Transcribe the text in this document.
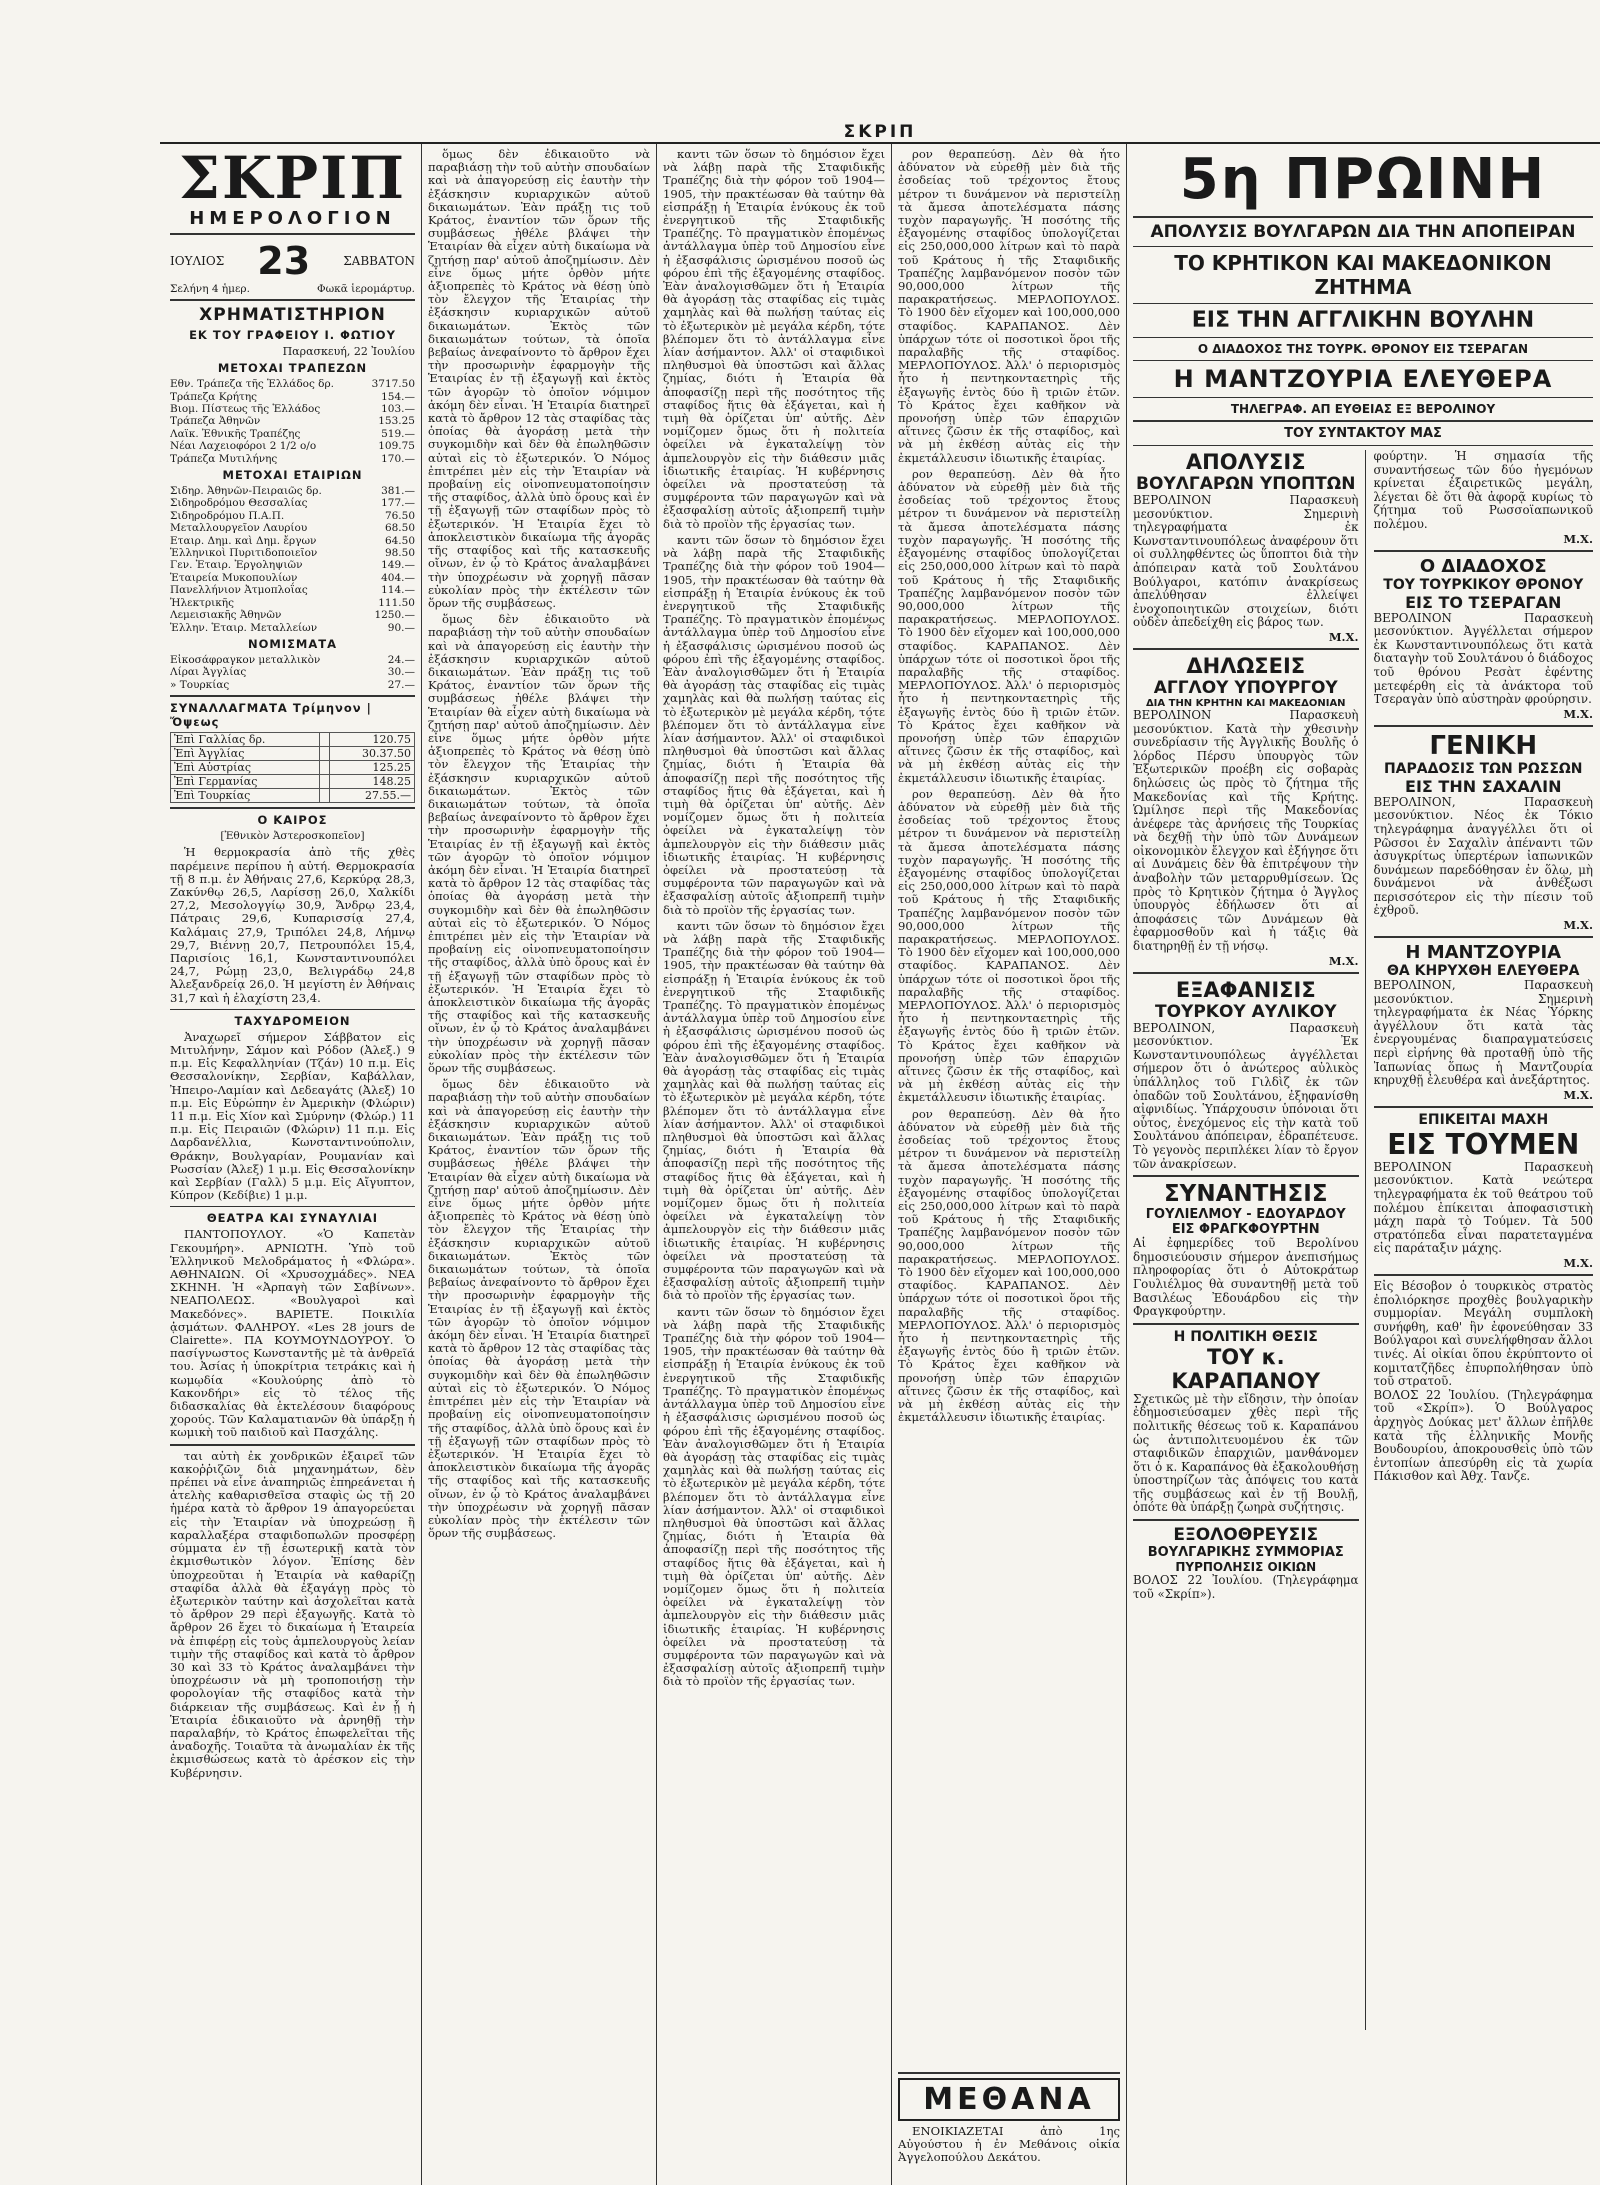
ΣΚΡΙΠ
ΣΚΡΙΠ
ΗΜΕΡΟΛΟΓΙΟΝ
ΙΟΥΛΙΟΣ 23	ΣΑΒΒΑΤΟΝ
Σελήνη 4 ἡμερ.	Φωκᾶ ἱερομάρτυρ.
ΧΡΗΜΑΤΙΣΤΗΡΙΟΝ
ΕΚ ΤΟΥ ΓΡΑΦΕΙΟΥ Ι. ΦΩΤΙΟΥ
Παρασκευή, 22 Ἰουλίου
ΜΕΤΟΧΑΙ ΤΡΑΠΕΖΩΝ
Εθν. Τράπεζα τῆς Ἑλλάδος δρ.	3717.50
Τράπεζα Κρήτης	154.—
Βιομ. Πίστεως τῆς Ἑλλάδος	103.—
Τράπεζα Ἀθηνῶν	153.25
Λαϊκ. Ἐθνικῆς Τραπέζης	519.—
Νέαι Λαχειοφόροι 2 1/2 ο/ο	109.75
Τράπεζα Μυτιλήνης	170.—
ΜΕΤΟΧΑΙ ΕΤΑΙΡΙΩΝ
Σιδηρ. Ἀθηνῶν-Πειραιῶς δρ.	381.—
Σιδηροδρόμου Θεσσαλίας	177.—
Σιδηροδρόμου Π.Α.Π.	76.50
Μεταλλουργεῖον Λαυρίου	68.50
Εταιρ. Δημ. καὶ Δημ. ἔργων	64.50
Ἑλληνικοὶ Πυριτιδοποιεῖον	98.50
Γεν. Ἑταιρ. Ἐργοληψιῶν	149.—
Ἑταιρεία Μυκοπουλίων	404.—
Πανελλήνιον Ἀτμοπλοΐας	114.—
Ἠλεκτρικῆς	111.50
Λεμεισιακῆς Ἀθηνῶν	1250.—
Ἑλλην. Ἑταιρ. Μεταλλείων	90.—
ΝΟΜΙΣΜΑΤΑ
Εἰκοσάφραγκον μεταλλικὸν	24.—
Λίραι Ἀγγλίας	30.—
» Τουρκίας	27.—
ΣΥΝΑΛΛΑΓΜΑΤΑ Τρίμηνον | Ὄψεως
Ἐπὶ Γαλλίας δρ.		120.75
Ἐπὶ Ἀγγλίας		30.37.50
Ἐπὶ Αὐστρίας		125.25
Ἐπὶ Γερμανίας		148.25
Ἐπὶ Τουρκίας		27.55.—
Ο ΚΑΙΡΟΣ
[Ἐθνικὸν Ἀστεροσκοπεῖον]
Ἡ θερμοκρασία ἀπὸ τῆς χθὲς παρέμεινε περίπου ἡ αὐτή. Θερμοκρασία τῇ 8 π.μ. ἐν Ἀθήναις 27,6, Κερκύρᾳ 28,3, Ζακύνθῳ 26,5, Λαρίσσῃ 26,0, Χαλκίδι 27,2, Μεσολογγίῳ 30,9, Ἄνδρῳ 23,4, Πάτραις 29,6, Κυπαρισσίᾳ 27,4, Καλάμαις 27,9, Τριπόλει 24,8, Λήμνῳ 29,7, Βιέννῃ 20,7, Πετρουπόλει 15,4, Παρισίοις 16,1, Κωνσταντινουπόλει 24,7, Ρώμῃ 23,0, Βελιγράδῳ 24,8 Ἀλεξανδρείᾳ 26,0. Ἡ μεγίστη ἐν Ἀθήναις 31,7 καὶ ἡ ἐλαχίστη 23,4.
ΤΑΧΥΔΡΟΜΕΙΟΝ
Ἀναχωρεῖ σήμερον Σάββατον εἰς Μιτυλήνην, Σάμον καὶ Ρόδον (Ἀλεξ.) 9 π.μ. Εἰς Κεφαλληνίαν (Τζάν) 10 π.μ. Εἰς Θεσσαλονίκην, Σερβίαν, Καβάλλαν, Ἠπειρο-Λαμίαν καὶ Δεδεαγάτς (Ἀλεξ) 10 π.μ. Εἰς Εὐρώπην ἐν Ἀμερικὴν (Φλώριν) 11 π.μ. Εἰς Χίον καὶ Σμύρνην (Φλώρ.) 11 π.μ. Εἰς Πειραιῶν (Φλώριν) 11 π.μ. Εἰς Δαρδανέλλια, Κωνσταντινούπολιν, Θράκην, Βουλγαρίαν, Ρουμανίαν καὶ Ρωσσίαν (Ἀλεξ) 1 μ.μ. Εἰς Θεσσαλονίκην καὶ Σερβίαν (Γαλλ) 5 μ.μ. Εἰς Αἴγυπτον, Κύπρον (Κεδίβιε) 1 μ.μ.
ΘΕΑΤΡΑ ΚΑΙ ΣΥΝΑΥΛΙΑΙ
ΠΑΝΤΟΠΟΥΛΟΥ. «Ὁ Καπετὰν Γεκουμήρη». ΑΡΝΙΩΤΗ. Ὑπὸ τοῦ Ἑλληνικοῦ Μελοδράματος ἡ «Φλώρα». ΑΘΗΝΑΙΩΝ. Οἱ «Χρυσοχμάδες». ΝΕΑ ΣΚΗΝΗ. Ἡ «Ἀρπαγὴ τῶν Σαβίνων». ΝΕΑΠΟΛΕΩΣ. «Βουλγαροὶ καὶ Μακεδόνες». ΒΑΡΙΕΤΕ. Ποικιλία ᾀσμάτων. ΦΑΛΗΡΟΥ. «Les 28 jours de Clairette». ΠΑ ΚΟΥΜΟΥΝΔΟΥΡΟΥ. Ὁ πασίγνωστος Κωνσταντῆς μὲ τὰ ἀνθρεῖά του. Ἀσίας ἡ ὑποκρίτρια τετράκις καὶ ἡ κωμῳδία «Κουλούρης ἀπὸ τὸ Κακονδήρι» εἰς τὸ τέλος τῆς διδασκαλίας θὰ ἐκτελέσουν διαφόρους χορούς. Τῶν Καλαματιανῶν θὰ ὑπάρξῃ ἡ κωμικὴ τοῦ παιδιοῦ καὶ Πασχάλης.
ται αὐτὴ ἐκ χονδρικῶν ἐξαιρεῖ τῶν κακοῤῥιζῶν διὰ μηχανημάτων, δὲν πρέπει νὰ εἶνε ἀναπηριῶς ἐπηρεάνεται ἡ ἀτελὴς καθαρισθεῖσα σταφὶς ὡς τῇ 20 ἡμέρα κατὰ τὸ ἄρθρον 19 ἀπαγορεύεται εἰς τὴν Ἑταιρίαν νὰ ὑποχρεώσῃ ἢ καραλλαξέρα σταφιδοπωλῶν προσφέρῃ σύμματα ἐν τῇ ἐσωτερικῇ κατὰ τὸν ἐκμισθωτικὸν λόγον. Ἐπίσης δὲν ὑποχρεοῦται ἡ Ἑταιρία νὰ καθαρίζῃ σταφίδα ἀλλὰ θὰ ἐξαγάγῃ πρὸς τὸ ἐξωτερικὸν ταύτην καὶ ἀσχολεῖται κατὰ τὸ ἄρθρον 29 περὶ ἐξαγωγῆς. Κατὰ τὸ ἄρθρον 26 ἔχει τὸ δικαίωμα ἡ Ἑταιρεία νὰ ἐπιφέρῃ εἰς τοὺς ἀμπελουργοὺς λείαν τιμὴν τῆς σταφίδος καὶ κατὰ τὸ ἄρθρον 30 καὶ 33 τὸ Κράτος ἀναλαμβάνει τὴν ὑποχρέωσιν νὰ μὴ τροποποιήσῃ τὴν φορολογίαν τῆς σταφίδος κατὰ τὴν διάρκειαν τῆς συμβάσεως. Καὶ ἐν ᾗ ἡ Ἑταιρία ἐδικαιοῦτο νὰ ἀρνηθῇ τὴν παραλαβήν, τὸ Κράτος ἐπωφελεῖται τῆς ἀναδοχῆς. Τοιαῦτα τὰ ἀνωμαλίαν ἐκ τῆς ἐκμισθώσεως κατὰ τὸ ἀρέσκον εἰς τὴν Κυβέρνησιν.
ὅμως δὲν ἐδικαιοῦτο νὰ παραβιάσῃ τὴν τοῦ αὐτὴν σπουδαίων καὶ νὰ ἀπαγορεύσῃ εἰς ἑαυτὴν τὴν ἐξάσκησιν κυριαρχικῶν αὐτοῦ δικαιωμάτων. Ἐὰν πράξῃ τις τοῦ Κράτος, ἐναντίον τῶν ὅρων τῆς συμβάσεως ἠθέλε βλάψει τὴν Ἑταιρίαν θὰ εἶχεν αὐτὴ δικαίωμα νὰ ζητήσῃ παρ' αὐτοῦ ἀποζημίωσιν. Δὲν εἶνε ὅμως μήτε ὀρθὸν μήτε ἀξιοπρεπὲς τὸ Κράτος νὰ θέσῃ ὑπὸ τὸν ἔλεγχον τῆς Ἑταιρίας τὴν ἐξάσκησιν κυριαρχικῶν αὐτοῦ δικαιωμάτων. Ἐκτὸς τῶν δικαιωμάτων τούτων, τὰ ὁποῖα βεβαίως ἀνεφαίνοντο τὸ ἄρθρον ἔχει τὴν προσωρινὴν ἐφαρμογὴν τῆς Ἑταιρίας ἐν τῇ ἐξαγωγῇ καὶ ἐκτὸς τῶν ἀγορῶν τὸ ὁποῖον νόμιμον ἀκόμη δὲν εἶναι. Ἡ Ἑταιρία διατηρεῖ κατὰ τὸ ἄρθρον 12 τὰς σταφίδας τὰς ὁποίας θὰ ἀγοράσῃ μετὰ τὴν συγκομιδὴν καὶ δὲν θὰ ἐπωληθῶσιν αὐταὶ εἰς τὸ ἐξωτερικόν. Ὁ Νόμος ἐπιτρέπει μὲν εἰς τὴν Ἑταιρίαν νὰ προβαίνῃ εἰς οἰνοπνευματοποίησιν τῆς σταφίδος, ἀλλὰ ὑπὸ ὅρους καὶ ἐν τῇ ἐξαγωγῇ τῶν σταφίδων πρὸς τὸ ἐξωτερικόν. Ἡ Ἑταιρία ἔχει τὸ ἀποκλειστικὸν δικαίωμα τῆς ἀγορᾶς τῆς σταφίδος καὶ τῆς κατασκευῆς οἴνων, ἐν ᾧ τὸ Κράτος ἀναλαμβάνει τὴν ὑποχρέωσιν νὰ χορηγῇ πᾶσαν εὐκολίαν πρὸς τὴν ἐκτέλεσιν τῶν ὅρων τῆς συμβάσεως.
ὅμως δὲν ἐδικαιοῦτο νὰ παραβιάσῃ τὴν τοῦ αὐτὴν σπουδαίων καὶ νὰ ἀπαγορεύσῃ εἰς ἑαυτὴν τὴν ἐξάσκησιν κυριαρχικῶν αὐτοῦ δικαιωμάτων. Ἐὰν πράξῃ τις τοῦ Κράτος, ἐναντίον τῶν ὅρων τῆς συμβάσεως ἠθέλε βλάψει τὴν Ἑταιρίαν θὰ εἶχεν αὐτὴ δικαίωμα νὰ ζητήσῃ παρ' αὐτοῦ ἀποζημίωσιν. Δὲν εἶνε ὅμως μήτε ὀρθὸν μήτε ἀξιοπρεπὲς τὸ Κράτος νὰ θέσῃ ὑπὸ τὸν ἔλεγχον τῆς Ἑταιρίας τὴν ἐξάσκησιν κυριαρχικῶν αὐτοῦ δικαιωμάτων. Ἐκτὸς τῶν δικαιωμάτων τούτων, τὰ ὁποῖα βεβαίως ἀνεφαίνοντο τὸ ἄρθρον ἔχει τὴν προσωρινὴν ἐφαρμογὴν τῆς Ἑταιρίας ἐν τῇ ἐξαγωγῇ καὶ ἐκτὸς τῶν ἀγορῶν τὸ ὁποῖον νόμιμον ἀκόμη δὲν εἶναι. Ἡ Ἑταιρία διατηρεῖ κατὰ τὸ ἄρθρον 12 τὰς σταφίδας τὰς ὁποίας θὰ ἀγοράσῃ μετὰ τὴν συγκομιδὴν καὶ δὲν θὰ ἐπωληθῶσιν αὐταὶ εἰς τὸ ἐξωτερικόν. Ὁ Νόμος ἐπιτρέπει μὲν εἰς τὴν Ἑταιρίαν νὰ προβαίνῃ εἰς οἰνοπνευματοποίησιν τῆς σταφίδος, ἀλλὰ ὑπὸ ὅρους καὶ ἐν τῇ ἐξαγωγῇ τῶν σταφίδων πρὸς τὸ ἐξωτερικόν. Ἡ Ἑταιρία ἔχει τὸ ἀποκλειστικὸν δικαίωμα τῆς ἀγορᾶς τῆς σταφίδος καὶ τῆς κατασκευῆς οἴνων, ἐν ᾧ τὸ Κράτος ἀναλαμβάνει τὴν ὑποχρέωσιν νὰ χορηγῇ πᾶσαν εὐκολίαν πρὸς τὴν ἐκτέλεσιν τῶν ὅρων τῆς συμβάσεως.
ὅμως δὲν ἐδικαιοῦτο νὰ παραβιάσῃ τὴν τοῦ αὐτὴν σπουδαίων καὶ νὰ ἀπαγορεύσῃ εἰς ἑαυτὴν τὴν ἐξάσκησιν κυριαρχικῶν αὐτοῦ δικαιωμάτων. Ἐὰν πράξῃ τις τοῦ Κράτος, ἐναντίον τῶν ὅρων τῆς συμβάσεως ἠθέλε βλάψει τὴν Ἑταιρίαν θὰ εἶχεν αὐτὴ δικαίωμα νὰ ζητήσῃ παρ' αὐτοῦ ἀποζημίωσιν. Δὲν εἶνε ὅμως μήτε ὀρθὸν μήτε ἀξιοπρεπὲς τὸ Κράτος νὰ θέσῃ ὑπὸ τὸν ἔλεγχον τῆς Ἑταιρίας τὴν ἐξάσκησιν κυριαρχικῶν αὐτοῦ δικαιωμάτων. Ἐκτὸς τῶν δικαιωμάτων τούτων, τὰ ὁποῖα βεβαίως ἀνεφαίνοντο τὸ ἄρθρον ἔχει τὴν προσωρινὴν ἐφαρμογὴν τῆς Ἑταιρίας ἐν τῇ ἐξαγωγῇ καὶ ἐκτὸς τῶν ἀγορῶν τὸ ὁποῖον νόμιμον ἀκόμη δὲν εἶναι. Ἡ Ἑταιρία διατηρεῖ κατὰ τὸ ἄρθρον 12 τὰς σταφίδας τὰς ὁποίας θὰ ἀγοράσῃ μετὰ τὴν συγκομιδὴν καὶ δὲν θὰ ἐπωληθῶσιν αὐταὶ εἰς τὸ ἐξωτερικόν. Ὁ Νόμος ἐπιτρέπει μὲν εἰς τὴν Ἑταιρίαν νὰ προβαίνῃ εἰς οἰνοπνευματοποίησιν τῆς σταφίδος, ἀλλὰ ὑπὸ ὅρους καὶ ἐν τῇ ἐξαγωγῇ τῶν σταφίδων πρὸς τὸ ἐξωτερικόν. Ἡ Ἑταιρία ἔχει τὸ ἀποκλειστικὸν δικαίωμα τῆς ἀγορᾶς τῆς σταφίδος καὶ τῆς κατασκευῆς οἴνων, ἐν ᾧ τὸ Κράτος ἀναλαμβάνει τὴν ὑποχρέωσιν νὰ χορηγῇ πᾶσαν εὐκολίαν πρὸς τὴν ἐκτέλεσιν τῶν ὅρων τῆς συμβάσεως.
καντι τῶν ὅσων τὸ δημόσιον ἔχει νὰ λάβῃ παρὰ τῆς Σταφιδικῆς Τραπέζης διὰ τὴν φόρον τοῦ 1904—1905, τὴν πρακτέωσαν θὰ ταύτην θὰ εἰσπράξῃ ἡ Ἑταιρία ἐνύκους ἐκ τοῦ ἐνεργητικοῦ τῆς Σταφιδικῆς Τραπέζης. Τὸ πραγματικὸν ἐπομένως ἀντάλλαγμα ὑπὲρ τοῦ Δημοσίου εἶνε ἡ ἐξασφάλισις ὡρισμένου ποσοῦ ὡς φόρου ἐπὶ τῆς ἐξαγομένης σταφίδος. Ἐὰν ἀναλογισθῶμεν ὅτι ἡ Ἑταιρία θὰ ἀγοράσῃ τὰς σταφίδας εἰς τιμὰς χαμηλὰς καὶ θὰ πωλήσῃ ταύτας εἰς τὸ ἐξωτερικὸν μὲ μεγάλα κέρδη, τότε βλέπομεν ὅτι τὸ ἀντάλλαγμα εἶνε λίαν ἀσήμαντον. Ἀλλ' οἱ σταφιδικοὶ πληθυσμοὶ θὰ ὑποστῶσι καὶ ἄλλας ζημίας, διότι ἡ Ἑταιρία θὰ ἀποφασίζῃ περὶ τῆς ποσότητος τῆς σταφίδος ἥτις θὰ ἐξάγεται, καὶ ἡ τιμὴ θὰ ὁρίζεται ὑπ' αὐτῆς. Δὲν νομίζομεν ὅμως ὅτι ἡ πολιτεία ὀφείλει νὰ ἐγκαταλείψῃ τὸν ἀμπελουργὸν εἰς τὴν διάθεσιν μιᾶς ἰδιωτικῆς ἑταιρίας. Ἡ κυβέρνησις ὀφείλει νὰ προστατεύσῃ τὰ συμφέροντα τῶν παραγωγῶν καὶ νὰ ἐξασφαλίσῃ αὐτοῖς ἀξιοπρεπῆ τιμὴν διὰ τὸ προϊὸν τῆς ἐργασίας των.
καντι τῶν ὅσων τὸ δημόσιον ἔχει νὰ λάβῃ παρὰ τῆς Σταφιδικῆς Τραπέζης διὰ τὴν φόρον τοῦ 1904—1905, τὴν πρακτέωσαν θὰ ταύτην θὰ εἰσπράξῃ ἡ Ἑταιρία ἐνύκους ἐκ τοῦ ἐνεργητικοῦ τῆς Σταφιδικῆς Τραπέζης. Τὸ πραγματικὸν ἐπομένως ἀντάλλαγμα ὑπὲρ τοῦ Δημοσίου εἶνε ἡ ἐξασφάλισις ὡρισμένου ποσοῦ ὡς φόρου ἐπὶ τῆς ἐξαγομένης σταφίδος. Ἐὰν ἀναλογισθῶμεν ὅτι ἡ Ἑταιρία θὰ ἀγοράσῃ τὰς σταφίδας εἰς τιμὰς χαμηλὰς καὶ θὰ πωλήσῃ ταύτας εἰς τὸ ἐξωτερικὸν μὲ μεγάλα κέρδη, τότε βλέπομεν ὅτι τὸ ἀντάλλαγμα εἶνε λίαν ἀσήμαντον. Ἀλλ' οἱ σταφιδικοὶ πληθυσμοὶ θὰ ὑποστῶσι καὶ ἄλλας ζημίας, διότι ἡ Ἑταιρία θὰ ἀποφασίζῃ περὶ τῆς ποσότητος τῆς σταφίδος ἥτις θὰ ἐξάγεται, καὶ ἡ τιμὴ θὰ ὁρίζεται ὑπ' αὐτῆς. Δὲν νομίζομεν ὅμως ὅτι ἡ πολιτεία ὀφείλει νὰ ἐγκαταλείψῃ τὸν ἀμπελουργὸν εἰς τὴν διάθεσιν μιᾶς ἰδιωτικῆς ἑταιρίας. Ἡ κυβέρνησις ὀφείλει νὰ προστατεύσῃ τὰ συμφέροντα τῶν παραγωγῶν καὶ νὰ ἐξασφαλίσῃ αὐτοῖς ἀξιοπρεπῆ τιμὴν διὰ τὸ προϊὸν τῆς ἐργασίας των.
καντι τῶν ὅσων τὸ δημόσιον ἔχει νὰ λάβῃ παρὰ τῆς Σταφιδικῆς Τραπέζης διὰ τὴν φόρον τοῦ 1904—1905, τὴν πρακτέωσαν θὰ ταύτην θὰ εἰσπράξῃ ἡ Ἑταιρία ἐνύκους ἐκ τοῦ ἐνεργητικοῦ τῆς Σταφιδικῆς Τραπέζης. Τὸ πραγματικὸν ἐπομένως ἀντάλλαγμα ὑπὲρ τοῦ Δημοσίου εἶνε ἡ ἐξασφάλισις ὡρισμένου ποσοῦ ὡς φόρου ἐπὶ τῆς ἐξαγομένης σταφίδος. Ἐὰν ἀναλογισθῶμεν ὅτι ἡ Ἑταιρία θὰ ἀγοράσῃ τὰς σταφίδας εἰς τιμὰς χαμηλὰς καὶ θὰ πωλήσῃ ταύτας εἰς τὸ ἐξωτερικὸν μὲ μεγάλα κέρδη, τότε βλέπομεν ὅτι τὸ ἀντάλλαγμα εἶνε λίαν ἀσήμαντον. Ἀλλ' οἱ σταφιδικοὶ πληθυσμοὶ θὰ ὑποστῶσι καὶ ἄλλας ζημίας, διότι ἡ Ἑταιρία θὰ ἀποφασίζῃ περὶ τῆς ποσότητος τῆς σταφίδος ἥτις θὰ ἐξάγεται, καὶ ἡ τιμὴ θὰ ὁρίζεται ὑπ' αὐτῆς. Δὲν νομίζομεν ὅμως ὅτι ἡ πολιτεία ὀφείλει νὰ ἐγκαταλείψῃ τὸν ἀμπελουργὸν εἰς τὴν διάθεσιν μιᾶς ἰδιωτικῆς ἑταιρίας. Ἡ κυβέρνησις ὀφείλει νὰ προστατεύσῃ τὰ συμφέροντα τῶν παραγωγῶν καὶ νὰ ἐξασφαλίσῃ αὐτοῖς ἀξιοπρεπῆ τιμὴν διὰ τὸ προϊὸν τῆς ἐργασίας των.
καντι τῶν ὅσων τὸ δημόσιον ἔχει νὰ λάβῃ παρὰ τῆς Σταφιδικῆς Τραπέζης διὰ τὴν φόρον τοῦ 1904—1905, τὴν πρακτέωσαν θὰ ταύτην θὰ εἰσπράξῃ ἡ Ἑταιρία ἐνύκους ἐκ τοῦ ἐνεργητικοῦ τῆς Σταφιδικῆς Τραπέζης. Τὸ πραγματικὸν ἐπομένως ἀντάλλαγμα ὑπὲρ τοῦ Δημοσίου εἶνε ἡ ἐξασφάλισις ὡρισμένου ποσοῦ ὡς φόρου ἐπὶ τῆς ἐξαγομένης σταφίδος. Ἐὰν ἀναλογισθῶμεν ὅτι ἡ Ἑταιρία θὰ ἀγοράσῃ τὰς σταφίδας εἰς τιμὰς χαμηλὰς καὶ θὰ πωλήσῃ ταύτας εἰς τὸ ἐξωτερικὸν μὲ μεγάλα κέρδη, τότε βλέπομεν ὅτι τὸ ἀντάλλαγμα εἶνε λίαν ἀσήμαντον. Ἀλλ' οἱ σταφιδικοὶ πληθυσμοὶ θὰ ὑποστῶσι καὶ ἄλλας ζημίας, διότι ἡ Ἑταιρία θὰ ἀποφασίζῃ περὶ τῆς ποσότητος τῆς σταφίδος ἥτις θὰ ἐξάγεται, καὶ ἡ τιμὴ θὰ ὁρίζεται ὑπ' αὐτῆς. Δὲν νομίζομεν ὅμως ὅτι ἡ πολιτεία ὀφείλει νὰ ἐγκαταλείψῃ τὸν ἀμπελουργὸν εἰς τὴν διάθεσιν μιᾶς ἰδιωτικῆς ἑταιρίας. Ἡ κυβέρνησις ὀφείλει νὰ προστατεύσῃ τὰ συμφέροντα τῶν παραγωγῶν καὶ νὰ ἐξασφαλίσῃ αὐτοῖς ἀξιοπρεπῆ τιμὴν διὰ τὸ προϊὸν τῆς ἐργασίας των.
ρον θεραπεύσῃ. Δὲν θὰ ἦτο ἀδύνατον νὰ εὑρεθῇ μὲν διὰ τῆς ἐσοδείας τοῦ τρέχοντος ἔτους μέτρον τι δυνάμενον νὰ περιστείλῃ τὰ ἄμεσα ἀποτελέσματα πάσης τυχὸν παραγωγῆς. Ἡ ποσότης τῆς ἐξαγομένης σταφίδος ὑπολογίζεται εἰς 250,000,000 λίτρων καὶ τὸ παρὰ τοῦ Κράτους ἡ τῆς Σταφιδικῆς Τραπέζης λαμβανόμενον ποσὸν τῶν 90,000,000 λίτρων τῆς παρακρατήσεως. ΜΕΡΛΟΠΟΥΛΟΣ. Τὸ 1900 δὲν εἴχομεν καὶ 100,000,000 σταφίδος. ΚΑΡΑΠΑΝΟΣ. Δὲν ὑπάρχων τότε οἱ ποσοτικοὶ ὅροι τῆς παραλαβῆς τῆς σταφίδος. ΜΕΡΛΟΠΟΥΛΟΣ. Ἀλλ' ὁ περιορισμὸς ἦτο ἡ πεντηκονταετηρὶς τῆς ἐξαγωγῆς ἐντὸς δύο ἢ τριῶν ἐτῶν. Τὸ Κράτος ἔχει καθῆκον νὰ προνοήσῃ ὑπὲρ τῶν ἐπαρχιῶν αἵτινες ζῶσιν ἐκ τῆς σταφίδος, καὶ νὰ μὴ ἐκθέσῃ αὐτὰς εἰς τὴν ἐκμετάλλευσιν ἰδιωτικῆς ἑταιρίας.
ρον θεραπεύσῃ. Δὲν θὰ ἦτο ἀδύνατον νὰ εὑρεθῇ μὲν διὰ τῆς ἐσοδείας τοῦ τρέχοντος ἔτους μέτρον τι δυνάμενον νὰ περιστείλῃ τὰ ἄμεσα ἀποτελέσματα πάσης τυχὸν παραγωγῆς. Ἡ ποσότης τῆς ἐξαγομένης σταφίδος ὑπολογίζεται εἰς 250,000,000 λίτρων καὶ τὸ παρὰ τοῦ Κράτους ἡ τῆς Σταφιδικῆς Τραπέζης λαμβανόμενον ποσὸν τῶν 90,000,000 λίτρων τῆς παρακρατήσεως. ΜΕΡΛΟΠΟΥΛΟΣ. Τὸ 1900 δὲν εἴχομεν καὶ 100,000,000 σταφίδος. ΚΑΡΑΠΑΝΟΣ. Δὲν ὑπάρχων τότε οἱ ποσοτικοὶ ὅροι τῆς παραλαβῆς τῆς σταφίδος. ΜΕΡΛΟΠΟΥΛΟΣ. Ἀλλ' ὁ περιορισμὸς ἦτο ἡ πεντηκονταετηρὶς τῆς ἐξαγωγῆς ἐντὸς δύο ἢ τριῶν ἐτῶν. Τὸ Κράτος ἔχει καθῆκον νὰ προνοήσῃ ὑπὲρ τῶν ἐπαρχιῶν αἵτινες ζῶσιν ἐκ τῆς σταφίδος, καὶ νὰ μὴ ἐκθέσῃ αὐτὰς εἰς τὴν ἐκμετάλλευσιν ἰδιωτικῆς ἑταιρίας.
ρον θεραπεύσῃ. Δὲν θὰ ἦτο ἀδύνατον νὰ εὑρεθῇ μὲν διὰ τῆς ἐσοδείας τοῦ τρέχοντος ἔτους μέτρον τι δυνάμενον νὰ περιστείλῃ τὰ ἄμεσα ἀποτελέσματα πάσης τυχὸν παραγωγῆς. Ἡ ποσότης τῆς ἐξαγομένης σταφίδος ὑπολογίζεται εἰς 250,000,000 λίτρων καὶ τὸ παρὰ τοῦ Κράτους ἡ τῆς Σταφιδικῆς Τραπέζης λαμβανόμενον ποσὸν τῶν 90,000,000 λίτρων τῆς παρακρατήσεως. ΜΕΡΛΟΠΟΥΛΟΣ. Τὸ 1900 δὲν εἴχομεν καὶ 100,000,000 σταφίδος. ΚΑΡΑΠΑΝΟΣ. Δὲν ὑπάρχων τότε οἱ ποσοτικοὶ ὅροι τῆς παραλαβῆς τῆς σταφίδος. ΜΕΡΛΟΠΟΥΛΟΣ. Ἀλλ' ὁ περιορισμὸς ἦτο ἡ πεντηκονταετηρὶς τῆς ἐξαγωγῆς ἐντὸς δύο ἢ τριῶν ἐτῶν. Τὸ Κράτος ἔχει καθῆκον νὰ προνοήσῃ ὑπὲρ τῶν ἐπαρχιῶν αἵτινες ζῶσιν ἐκ τῆς σταφίδος, καὶ νὰ μὴ ἐκθέσῃ αὐτὰς εἰς τὴν ἐκμετάλλευσιν ἰδιωτικῆς ἑταιρίας.
ρον θεραπεύσῃ. Δὲν θὰ ἦτο ἀδύνατον νὰ εὑρεθῇ μὲν διὰ τῆς ἐσοδείας τοῦ τρέχοντος ἔτους μέτρον τι δυνάμενον νὰ περιστείλῃ τὰ ἄμεσα ἀποτελέσματα πάσης τυχὸν παραγωγῆς. Ἡ ποσότης τῆς ἐξαγομένης σταφίδος ὑπολογίζεται εἰς 250,000,000 λίτρων καὶ τὸ παρὰ τοῦ Κράτους ἡ τῆς Σταφιδικῆς Τραπέζης λαμβανόμενον ποσὸν τῶν 90,000,000 λίτρων τῆς παρακρατήσεως. ΜΕΡΛΟΠΟΥΛΟΣ. Τὸ 1900 δὲν εἴχομεν καὶ 100,000,000 σταφίδος. ΚΑΡΑΠΑΝΟΣ. Δὲν ὑπάρχων τότε οἱ ποσοτικοὶ ὅροι τῆς παραλαβῆς τῆς σταφίδος. ΜΕΡΛΟΠΟΥΛΟΣ. Ἀλλ' ὁ περιορισμὸς ἦτο ἡ πεντηκονταετηρὶς τῆς ἐξαγωγῆς ἐντὸς δύο ἢ τριῶν ἐτῶν. Τὸ Κράτος ἔχει καθῆκον νὰ προνοήσῃ ὑπὲρ τῶν ἐπαρχιῶν αἵτινες ζῶσιν ἐκ τῆς σταφίδος, καὶ νὰ μὴ ἐκθέσῃ αὐτὰς εἰς τὴν ἐκμετάλλευσιν ἰδιωτικῆς ἑταιρίας.
ΜΕΘΑΝΑ
ΕΝΟΙΚΙΑΖΕΤΑΙ ἀπὸ 1ης Αὐγούστου ἡ ἐν Μεθάνοις οἰκία Ἀγγελοπούλου Δεκάτου.
5η ΠΡΩΙΝΗ
ΑΠΟΛΥΣΙΣ ΒΟΥΛΓΑΡΩΝ ΔΙΑ ΤΗΝ ΑΠΟΠΕΙΡΑΝ
ΤΟ ΚΡΗΤΙΚΟΝ ΚΑΙ ΜΑΚΕΔΟΝΙΚΟΝ ΖΗΤΗΜΑ
ΕΙΣ ΤΗΝ ΑΓΓΛΙΚΗΝ ΒΟΥΛΗΝ
Ο ΔΙΑΔΟΧΟΣ ΤΗΣ ΤΟΥΡΚ. ΘΡΟΝΟΥ ΕΙΣ ΤΣΕΡΑΓΑΝ
Η ΜΑΝΤΖΟΥΡΙΑ ΕΛΕΥΘΕΡΑ
ΤΗΛΕΓΡΑΦ. ΑΠ ΕΥΘΕΙΑΣ ΕΞ ΒΕΡΟΛΙΝΟΥ
ΤΟΥ ΣΥΝΤΑΚΤΟΥ ΜΑΣ
ΑΠΟΛΥΣΙΣ
ΒΟΥΛΓΑΡΩΝ ΥΠΟΠΤΩΝ
ΒΕΡΟΛΙΝΟΝ Παρασκευὴ μεσονύκτιον. Σημερινὴ τηλεγραφήματα ἐκ Κωνσταντινουπόλεως ἀναφέρουν ὅτι οἱ συλληφθέντες ὡς ὕποπτοι διὰ τὴν ἀπόπειραν κατὰ τοῦ Σουλτάνου Βούλγαροι, κατόπιν ἀνακρίσεως ἀπελύθησαν ἐλλείψει ἐνοχοποιητικῶν στοιχείων, διότι οὐδὲν ἀπεδείχθη εἰς βάρος των.
Μ.Χ.
ΔΗΛΩΣΕΙΣ
ΑΓΓΛΟΥ ΥΠΟΥΡΓΟΥ
ΔΙΑ ΤΗΝ ΚΡΗΤΗΝ ΚΑΙ ΜΑΚΕΔΟΝΙΑΝ
ΒΕΡΟΛΙΝΟΝ Παρασκευὴ μεσονύκτιον. Κατὰ τὴν χθεσινὴν συνεδρίασιν τῆς Ἀγγλικῆς Βουλῆς ὁ λόρδος Πέρσυ ὑπουργὸς τῶν Ἐξωτερικῶν προέβη εἰς σοβαρὰς δηλώσεις ὡς πρὸς τὸ ζήτημα τῆς Μακεδονίας καὶ τῆς Κρήτης. Ὡμίλησε περὶ τῆς Μακεδονίας ἀνέφερε τὰς ἀρνήσεις τῆς Τουρκίας νὰ δεχθῇ τὴν ὑπὸ τῶν Δυνάμεων οἰκονομικὸν ἔλεγχον καὶ ἐξήγησε ὅτι αἱ Δυνάμεις δὲν θὰ ἐπιτρέψουν τὴν ἀναβολὴν τῶν μεταρρυθμίσεων. Ὡς πρὸς τὸ Κρητικὸν ζήτημα ὁ Ἄγγλος ὑπουργὸς ἐδήλωσεν ὅτι αἱ ἀποφάσεις τῶν Δυνάμεων θὰ ἐφαρμοσθοῦν καὶ ἡ τάξις θὰ διατηρηθῇ ἐν τῇ νήσῳ.
Μ.Χ.
ΕΞΑΦΑΝΙΣΙΣ
ΤΟΥΡΚΟΥ ΑΥΛΙΚΟΥ
ΒΕΡΟΛΙΝΟΝ, Παρασκευὴ μεσονύκτιον. Ἐκ Κωνσταντινουπόλεως ἀγγέλλεται σήμερον ὅτι ὁ ἀνώτερος αὐλικὸς ὑπάλληλος τοῦ Γιλδὶζ ἐκ τῶν ὀπαδῶν τοῦ Σουλτάνου, ἐξηφανίσθη αἰφνιδίως. Ὑπάρχουσιν ὑπόνοιαι ὅτι οὗτος, ἐνεχόμενος εἰς τὴν κατὰ τοῦ Σουλτάνου ἀπόπειραν, ἐδραπέτευσε. Τὸ γεγονὸς περιπλέκει λίαν τὸ ἔργον τῶν ἀνακρίσεων.
ΣΥΝΑΝΤΗΣΙΣ
ΓΟΥΛΙΕΛΜΟΥ - ΕΔΟΥΑΡΔΟΥ
ΕΙΣ ΦΡΑΓΚΦΟΥΡΤΗΝ
Αἱ ἐφημερίδες τοῦ Βερολίνου δημοσιεύουσιν σήμερον ἀνεπισήμως πληροφορίας ὅτι ὁ Αὐτοκράτωρ Γουλιέλμος θὰ συναντηθῇ μετὰ τοῦ Βασιλέως Ἐδουάρδου εἰς τὴν Φραγκφούρτην.
Η ΠΟΛΙΤΙΚΗ ΘΕΣΙΣ
ΤΟΥ κ. ΚΑΡΑΠΑΝΟΥ
Σχετικῶς μὲ τὴν εἴδησιν, τὴν ὁποίαν ἐδημοσιεύσαμεν χθὲς περὶ τῆς πολιτικῆς θέσεως τοῦ κ. Καραπάνου ὡς ἀντιπολιτευομένου ἐκ τῶν σταφιδικῶν ἐπαρχιῶν, μανθάνομεν ὅτι ὁ κ. Καραπάνος θὰ ἐξακολουθήσῃ ὑποστηρίζων τὰς ἀπόψεις του κατὰ τῆς συμβάσεως καὶ ἐν τῇ Βουλῇ, ὁπότε θὰ ὑπάρξῃ ζωηρὰ συζήτησις.
ΕΞΟΛΟΘΡΕΥΣΙΣ
ΒΟΥΛΓΑΡΙΚΗΣ ΣΥΜΜΟΡΙΑΣ
ΠΥΡΠΟΛΗΣΙΣ ΟΙΚΙΩΝ
ΒΟΛΟΣ 22 Ἰουλίου. (Τηλεγράφημα τοῦ «Σκρίπ»).
φούρτην. Ἡ σημασία τῆς συναντήσεως τῶν δύο ἡγεμόνων κρίνεται ἐξαιρετικῶς μεγάλη, λέγεται δὲ ὅτι θὰ ἀφορᾷ κυρίως τὸ ζήτημα τοῦ Ρωσσοϊαπωνικοῦ πολέμου.
Μ.Χ.
Ο ΔΙΑΔΟΧΟΣ
ΤΟΥ ΤΟΥΡΚΙΚΟΥ ΘΡΟΝΟΥ
ΕΙΣ ΤΟ ΤΣΕΡΑΓΑΝ
ΒΕΡΟΛΙΝΟΝ Παρασκευὴ μεσονύκτιον. Ἀγγέλλεται σήμερον ἐκ Κωνσταντινουπόλεως ὅτι κατὰ διαταγὴν τοῦ Σουλτάνου ὁ διάδοχος τοῦ θρόνου Ρεσὰτ ἐφέντης μετεφέρθη εἰς τὰ ἀνάκτορα τοῦ Τσεραγὰν ὑπὸ αὐστηρὰν φρούρησιν.
Μ.Χ.
ΓΕΝΙΚΗ
ΠΑΡΑΔΟΣΙΣ ΤΩΝ ΡΩΣΣΩΝ
ΕΙΣ ΤΗΝ ΣΑΧΑΛΙΝ
ΒΕΡΟΛΙΝΟΝ, Παρασκευὴ μεσονύκτιον. Νέος ἐκ Τόκιο τηλεγράφημα ἀναγγέλλει ὅτι οἱ Ρῶσσοι ἐν Σαχαλὶν ἀπέναντι τῶν ἀσυγκρίτως ὑπερτέρων ἰαπωνικῶν δυνάμεων παρεδόθησαν ἐν ὅλῳ, μὴ δυνάμενοι νὰ ἀνθέξωσι περισσότερον εἰς τὴν πίεσιν τοῦ ἐχθροῦ.
Μ.Χ.
Η ΜΑΝΤΖΟΥΡΙΑ
ΘΑ ΚΗΡΥΧΘΗ ΕΛΕΥΘΕΡΑ
ΒΕΡΟΛΙΝΟΝ, Παρασκευὴ μεσονύκτιον. Σημερινὴ τηλεγραφήματα ἐκ Νέας Ὑόρκης ἀγγέλλουν ὅτι κατὰ τὰς ἐνεργουμένας διαπραγματεύσεις περὶ εἰρήνης θὰ προταθῇ ὑπὸ τῆς Ἰαπωνίας ὅπως ἡ Μαντζουρία κηρυχθῇ ἐλευθέρα καὶ ἀνεξάρτητος.
Μ.Χ.
ΕΠΙΚΕΙΤΑΙ ΜΑΧΗ
ΕΙΣ ΤΟΥΜΕΝ
ΒΕΡΟΛΙΝΟΝ Παρασκευὴ μεσονύκτιον. Κατὰ νεώτερα τηλεγραφήματα ἐκ τοῦ θεάτρου τοῦ πολέμου ἐπίκειται ἀποφασιστικὴ μάχη παρὰ τὸ Τούμεν. Τὰ 500 στρατόπεδα εἶναι παρατεταγμένα εἰς παράταξιν μάχης.
Μ.Χ.
Εἰς Βέσοβον ὁ τουρκικὸς στρατὸς ἐπολιόρκησε προχθὲς βουλγαρικὴν συμμορίαν. Μεγάλη συμπλοκὴ συνήφθη, καθ' ἣν ἐφονεύθησαν 33 Βούλγαροι καὶ συνελήφθησαν ἄλλοι τινές. Αἱ οἰκίαι ὅπου ἐκρύπτοντο οἱ κομιτατζῆδες ἐπυρπολήθησαν ὑπὸ τοῦ στρατοῦ.
ΒΟΛΟΣ 22 Ἰουλίου. (Τηλεγράφημα τοῦ «Σκρίπ»). Ὁ Βούλγαρος ἀρχηγὸς Δούκας μετ' ἄλλων ἐπῆλθε κατὰ τῆς ἑλληνικῆς Μονῆς Βουδουρίου, ἀποκρουσθεὶς ὑπὸ τῶν ἐντοπίων ἀπεσύρθη εἰς τὰ χωρία Πάκισθον καὶ Ἀθχ. Τανζε.
